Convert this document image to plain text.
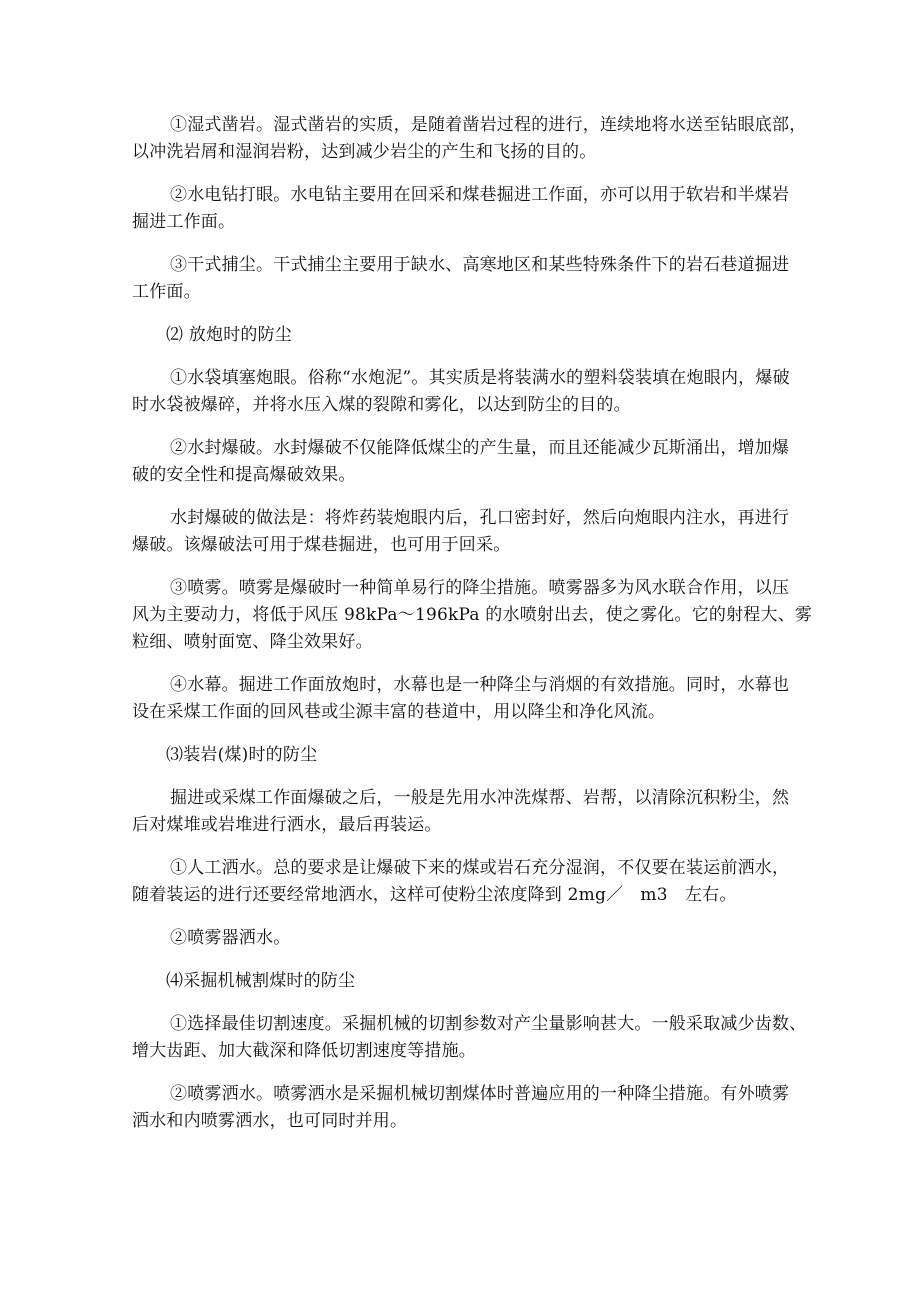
①湿式凿岩。湿式凿岩的实质，是随着凿岩过程的进行，连续地将水送至钻眼底部，
以冲洗岩屑和湿润岩粉，达到减少岩尘的产生和飞扬的目的。

②水电钻打眼。水电钻主要用在回采和煤巷掘进工作面，亦可以用于软岩和半煤岩
掘进工作面。

③干式捕尘。干式捕尘主要用于缺水、高寒地区和某些特殊条件下的岩石巷道掘进
工作面。

⑵ 放炮时的防尘

①水袋填塞炮眼。俗称“水炮泥”。其实质是将装满水的塑料袋装填在炮眼内，爆破
时水袋被爆碎，并将水压入煤的裂隙和雾化，以达到防尘的目的。

②水封爆破。水封爆破不仅能降低煤尘的产生量，而且还能减少瓦斯涌出，增加爆
破的安全性和提高爆破效果。

水封爆破的做法是：将炸药装炮眼内后，孔口密封好，然后向炮眼内注水，再进行
爆破。该爆破法可用于煤巷掘进，也可用于回采。

③喷雾。喷雾是爆破时一种简单易行的降尘措施。喷雾器多为风水联合作用，以压
风为主要动力，将低于风压 98kPa～196kPa 的水喷射出去，使之雾化。它的射程大、雾
粒细、喷射面宽、降尘效果好。

④水幕。掘进工作面放炮时，水幕也是一种降尘与消烟的有效措施。同时，水幕也
设在采煤工作面的回风巷或尘源丰富的巷道中，用以降尘和净化风流。

⑶装岩(煤)时的防尘

掘进或采煤工作面爆破之后，一般是先用水冲洗煤帮、岩帮，以清除沉积粉尘，然
后对煤堆或岩堆进行洒水，最后再装运。

①人工洒水。总的要求是让爆破下来的煤或岩石充分湿润，不仅要在装运前洒水，
随着装运的进行还要经常地洒水，这样可使粉尘浓度降到 2mg／　m3　左右。

②喷雾器洒水。

⑷采掘机械割煤时的防尘

①选择最佳切割速度。采掘机械的切割参数对产尘量影响甚大。一般采取减少齿数、
增大齿距、加大截深和降低切割速度等措施。

②喷雾洒水。喷雾洒水是采掘机械切割煤体时普遍应用的一种降尘措施。有外喷雾
洒水和内喷雾洒水，也可同时并用。
